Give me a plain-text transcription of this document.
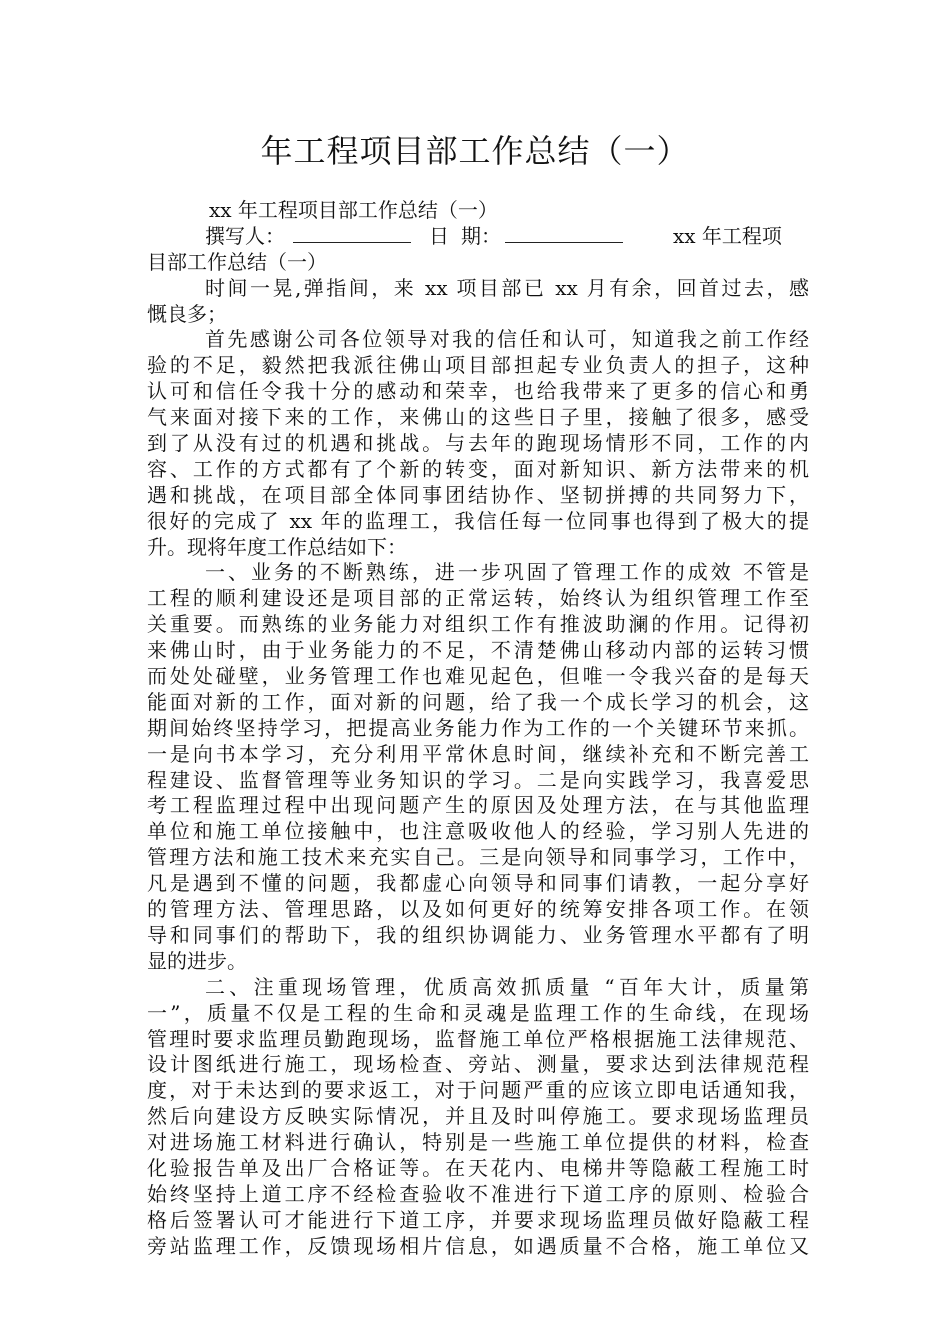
年工程项目部工作总结（一）
xx 年工程项目部工作总结（一）
撰写人：	日 期：	xx 年工程项
目部工作总结（一）
时间一晃,弹指间，来 xx 项目部已 xx 月有余，回首过去，感
慨良多；
首先感谢公司各位领导对我的信任和认可，知道我之前工作经
验的不足，毅然把我派往佛山项目部担起专业负责人的担子，这种
认可和信任令我十分的感动和荣幸，也给我带来了更多的信心和勇
气来面对接下来的工作，来佛山的这些日子里，接触了很多，感受
到了从没有过的机遇和挑战。与去年的跑现场情形不同，工作的内
容、工作的方式都有了个新的转变，面对新知识、新方法带来的机
遇和挑战，在项目部全体同事团结协作、坚韧拼搏的共同努力下，
很好的完成了 xx 年的监理工，我信任每一位同事也得到了极大的提
升。现将年度工作总结如下：
一、业务的不断熟练，进一步巩固了管理工作的成效 不管是
工程的顺利建设还是项目部的正常运转，始终认为组织管理工作至
关重要。而熟练的业务能力对组织工作有推波助澜的作用。记得初
来佛山时，由于业务能力的不足，不清楚佛山移动内部的运转习惯
而处处碰壁，业务管理工作也难见起色，但唯一令我兴奋的是每天
能面对新的工作，面对新的问题，给了我一个成长学习的机会，这
期间始终坚持学习，把提高业务能力作为工作的一个关键环节来抓。
一是向书本学习，充分利用平常休息时间，继续补充和不断完善工
程建设、监督管理等业务知识的学习。二是向实践学习，我喜爱思
考工程监理过程中出现问题产生的原因及处理方法，在与其他监理
单位和施工单位接触中，也注意吸收他人的经验，学习别人先进的
管理方法和施工技术来充实自己。三是向领导和同事学习，工作中，
凡是遇到不懂的问题，我都虚心向领导和同事们请教，一起分享好
的管理方法、管理思路，以及如何更好的统筹安排各项工作。在领
导和同事们的帮助下，我的组织协调能力、业务管理水平都有了明
显的进步。
二、注重现场管理，优质高效抓质量 “百年大计，质量第
一”，质量不仅是工程的生命和灵魂是监理工作的生命线，在现场
管理时要求监理员勤跑现场，监督施工单位严格根据施工法律规范、
设计图纸进行施工，现场检查、旁站、测量，要求达到法律规范程
度，对于未达到的要求返工，对于问题严重的应该立即电话通知我，
然后向建设方反映实际情况，并且及时叫停施工。要求现场监理员
对进场施工材料进行确认，特别是一些施工单位提供的材料，检查
化验报告单及出厂合格证等。在天花内、电梯井等隐蔽工程施工时
始终坚持上道工序不经检查验收不准进行下道工序的原则、检验合
格后签署认可才能进行下道工序，并要求现场监理员做好隐蔽工程
旁站监理工作，反馈现场相片信息，如遇质量不合格，施工单位又
